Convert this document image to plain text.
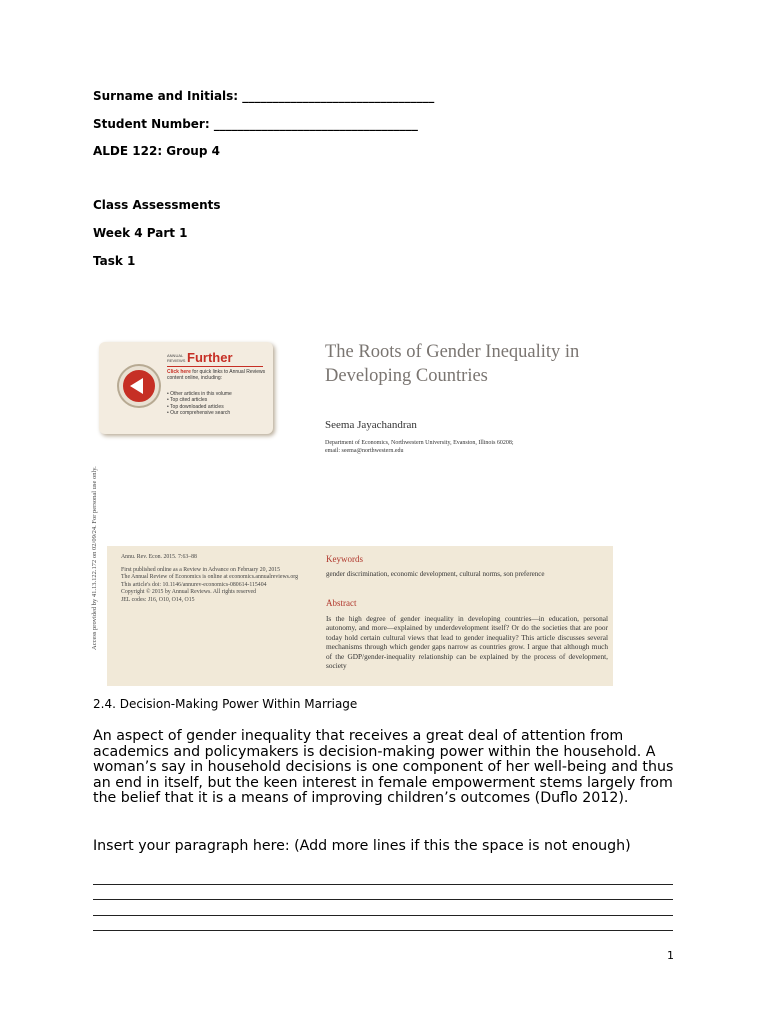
Surname and Initials: ________________________________
Student Number: __________________________________
ALDE 122: Group 4
Class Assessments
Week 4 Part 1
Task 1
ANNUAL
REVIEWS Further
Click here for quick links to Annual Reviews content online, including:
• Other articles in this volume
• Top cited articles
• Top downloaded articles
• Our comprehensive search
The Roots of Gender Inequality in Developing Countries
Seema Jayachandran
Department of Economics, Northwestern University, Evanston, Illinois 60208;
email: seema@northwestern.edu
Access provided by 41.13.122.172 on 02/09/24. For personal use only.	Annu. Rev. Econ. 2015. 7:63–88
First published online as a Review in Advance on February 20, 2015
The Annual Review of Economics is online at economics.annualreviews.org
This article's doi: 10.1146/annurev-economics-080614-115404
Copyright © 2015 by Annual Reviews. All rights reserved
JEL codes: J16, O10, O14, O15
Keywords
gender discrimination, economic development, cultural norms, son preference
Abstract
Is the high degree of gender inequality in developing countries—in education, personal autonomy, and more—explained by underdevelopment itself? Or do the societies that are poor today hold certain cultural views that lead to gender inequality? This article discusses several mechanisms through which gender gaps narrow as countries grow. I argue that although much of the GDP/gender-inequality relationship can be explained by the process of development, society
2.4. Decision-Making Power Within Marriage
An aspect of gender inequality that receives a great deal of attention from academics and policymakers is decision-making power within the household. A woman’s say in household decisions is one component of her well-being and thus an end in itself, but the keen interest in female empowerment stems largely from the belief that it is a means of improving children’s outcomes (Duflo 2012).
Insert your paragraph here: (Add more lines if this the space is not enough)
1
